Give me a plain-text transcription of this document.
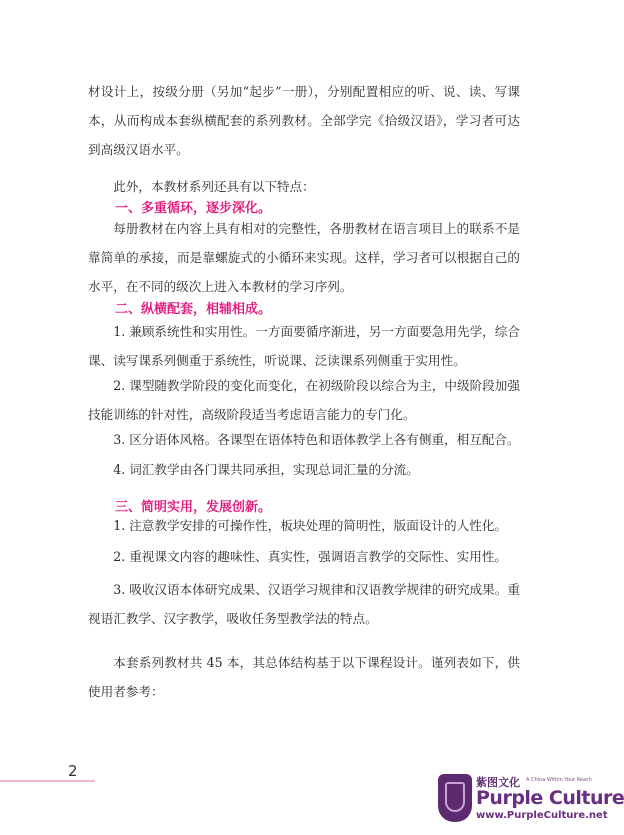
材设计上，按级分册（另加“起步”一册），分别配置相应的听、说、读、写课本，从而构成本套纵横配套的系列教材。全部学完《拾级汉语》，学习者可达到高级汉语水平。

此外，本教材系列还具有以下特点：

一、多重循环，逐步深化。

每册教材在内容上具有相对的完整性，各册教材在语言项目上的联系不是靠简单的承接，而是靠螺旋式的小循环来实现。这样，学习者可以根据自己的水平，在不同的级次上进入本教材的学习序列。

二、纵横配套，相辅相成。

1. 兼顾系统性和实用性。一方面要循序渐进，另一方面要急用先学，综合课、读写课系列侧重于系统性，听说课、泛读课系列侧重于实用性。

2. 课型随教学阶段的变化而变化，在初级阶段以综合为主，中级阶段加强技能训练的针对性，高级阶段适当考虑语言能力的专门化。

3. 区分语体风格。各课型在语体特色和语体教学上各有侧重，相互配合。

4. 词汇教学由各门课共同承担，实现总词汇量的分流。

三、简明实用，发展创新。

1. 注意教学安排的可操作性，板块处理的简明性，版面设计的人性化。

2. 重视课文内容的趣味性、真实性，强调语言教学的交际性、实用性。

3. 吸收汉语本体研究成果、汉语学习规律和汉语教学规律的研究成果。重视语汇教学、汉字教学，吸收任务型教学法的特点。

本套系列教材共 45 本，其总体结构基于以下课程设计。谨列表如下，供使用者参考：

2
紫图文化 A China Within Your Reach
Purple Culture
www.PurpleCulture.net
